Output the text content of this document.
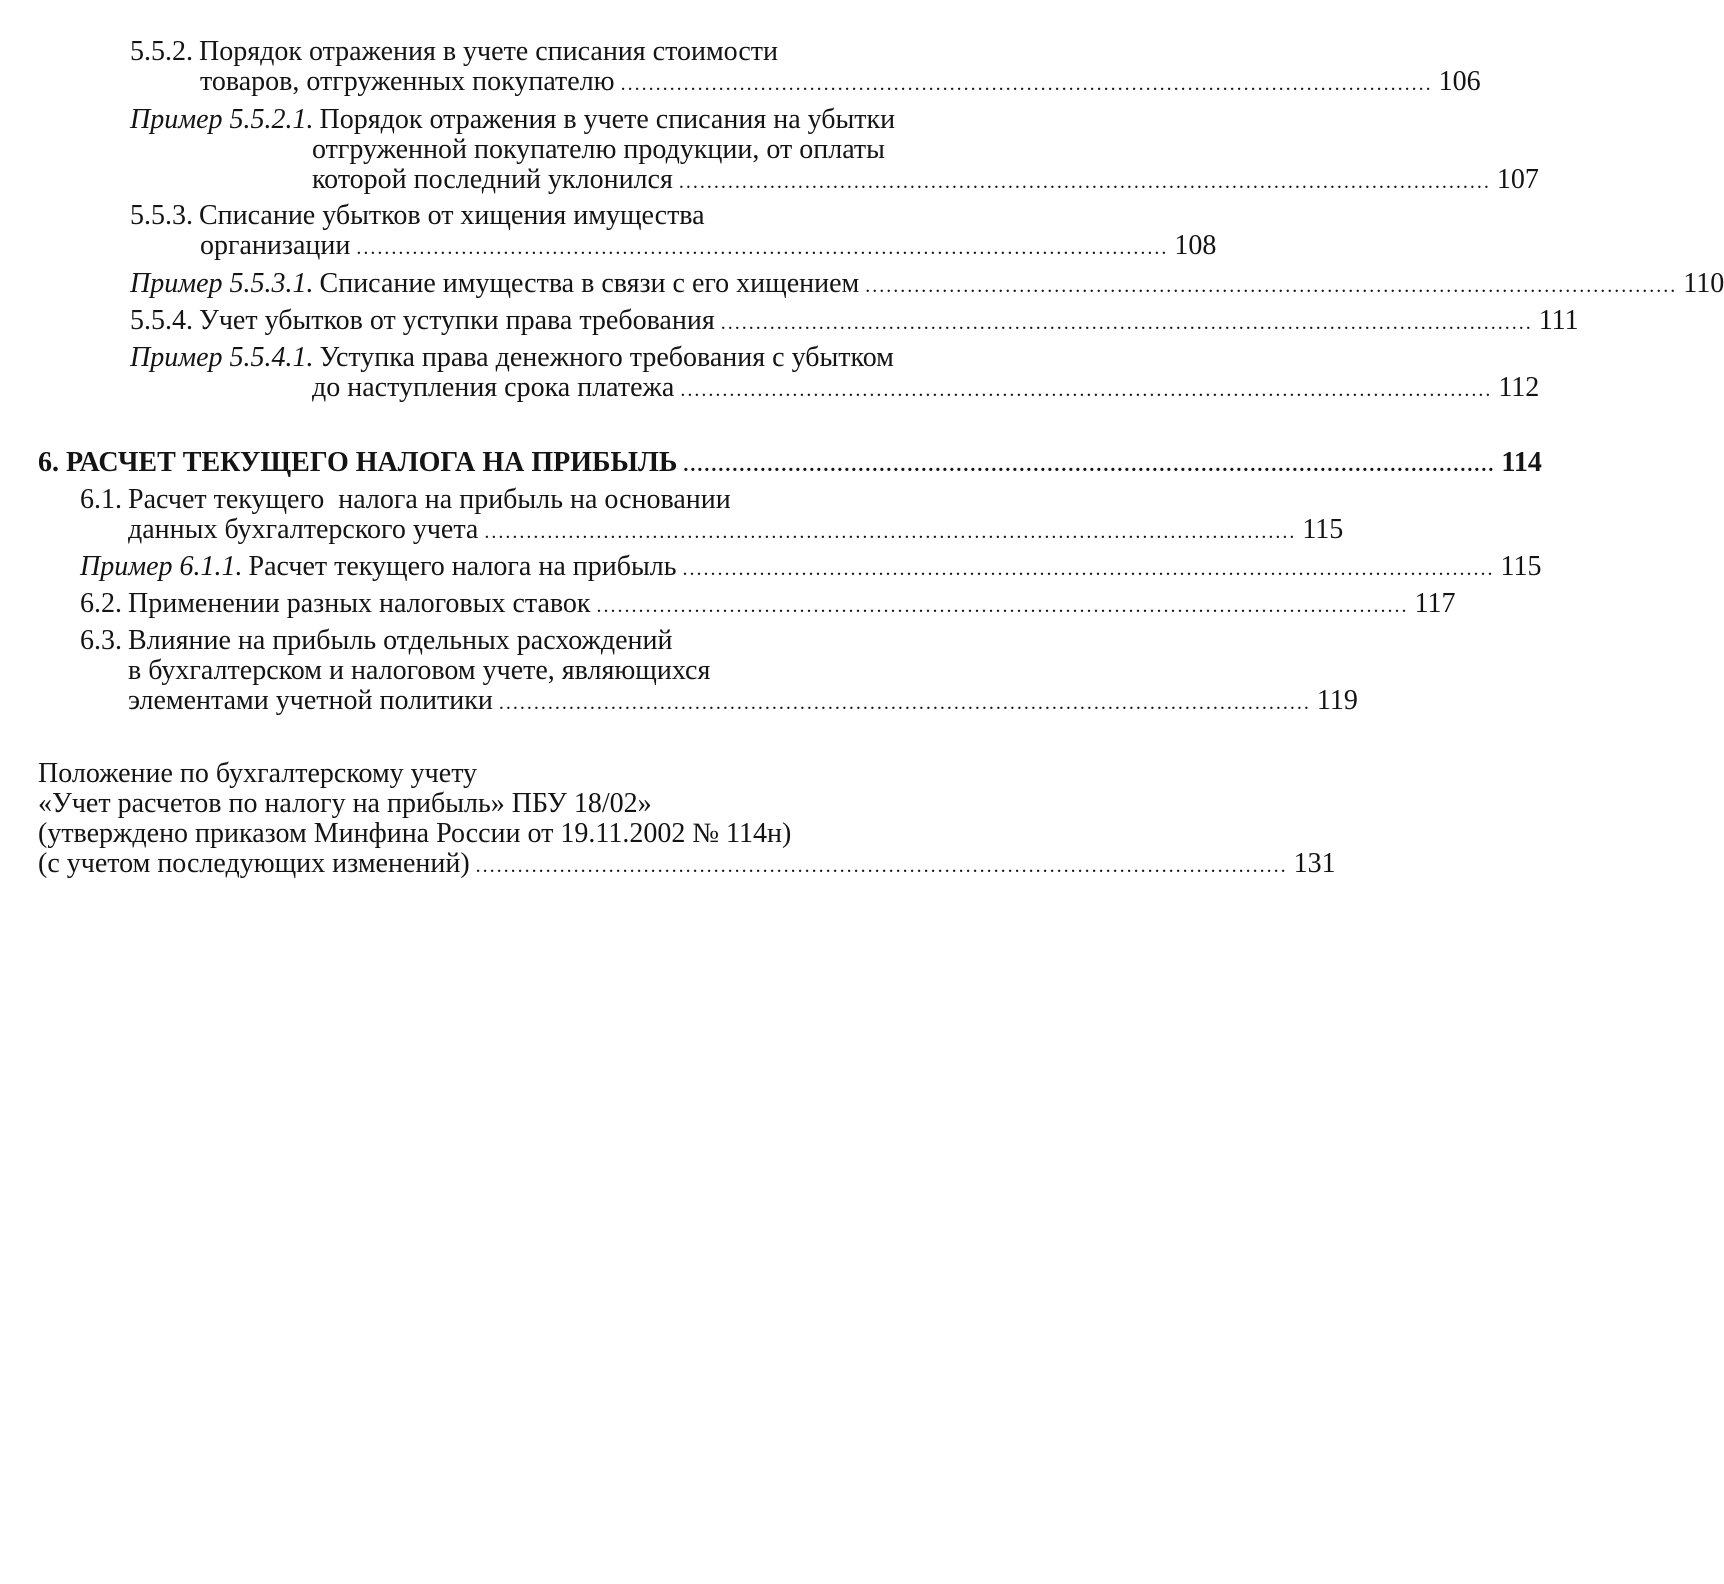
5.5.2. Порядок отражения в учете списания стоимости
товаров, отгруженных покупателю .................................................................................................................... 106
Пример 5.5.2.1. Порядок отражения в учете списания на убытки
отгруженной покупателю продукции, от оплаты
которой последний уклонился .................................................................................................................... 107
5.5.3. Списание убытков от хищения имущества
организации .................................................................................................................... 108
Пример 5.5.3.1. Списание имущества в связи с его хищением .................................................................................................................... 110
5.5.4. Учет убытков от уступки права требования .................................................................................................................... 111
Пример 5.5.4.1. Уступка права денежного требования с убытком
до наступления срока платежа .................................................................................................................... 112
6. РАСЧЕТ ТЕКУЩЕГО НАЛОГА НА ПРИБЫЛЬ .................................................................................................................... 114
6.1. Расчет текущего  налога на прибыль на основании
данных бухгалтерского учета .................................................................................................................... 115
Пример 6.1.1. Расчет текущего налога на прибыль .................................................................................................................... 115
6.2. Применении разных налоговых ставок .................................................................................................................... 117
6.3. Влияние на прибыль отдельных расхождений
в бухгалтерском и налоговом учете, являющихся
элементами учетной политики .................................................................................................................... 119
Положение по бухгалтерскому учету
«Учет расчетов по налогу на прибыль» ПБУ 18/02»
(утверждено приказом Минфина России от 19.11.2002 № 114н)
(с учетом последующих изменений) .................................................................................................................... 131
